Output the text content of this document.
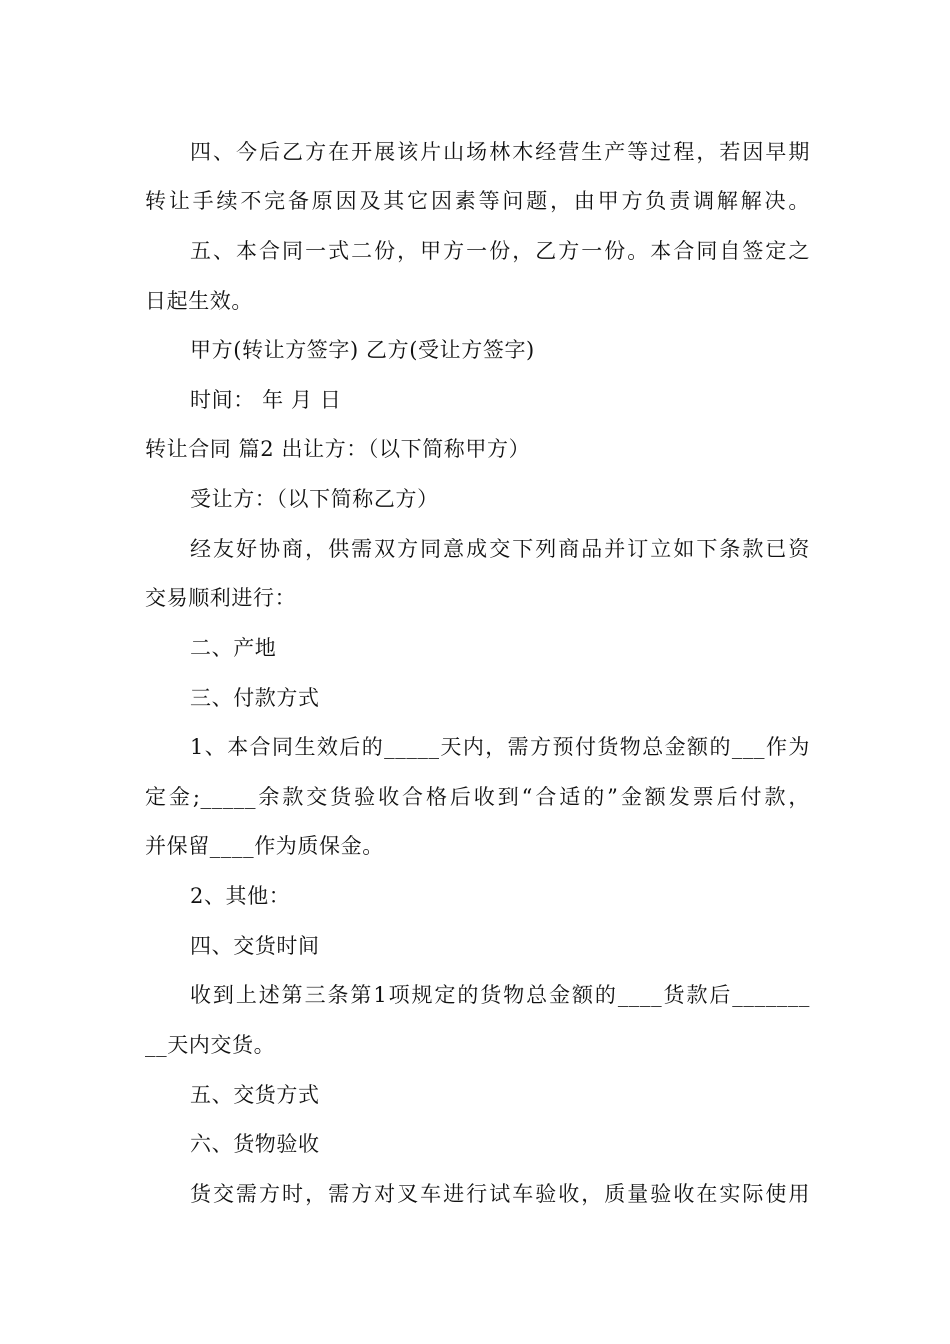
四、今后乙方在开展该片山场林木经营生产等过程，若因早期
转让手续不完备原因及其它因素等问题，由甲方负责调解解决。
五、本合同一式二份，甲方一份，乙方一份。本合同自签定之
日起生效。
甲方(转让方签字) 乙方(受让方签字)
时间： 年 月 日
转让合同 篇2 出让方：（以下简称甲方）
受让方：（以下简称乙方）
经友好协商，供需双方同意成交下列商品并订立如下条款已资
交易顺利进行：
二、产地
三、付款方式
1、本合同生效后的_____天内，需方预付货物总金额的___作为
定金;_____余款交货验收合格后收到“合适的”金额发票后付款，
并保留____作为质保金。
2、其他：
四、交货时间
收到上述第三条第1项规定的货物总金额的____货款后_______
__天内交货。
五、交货方式
六、货物验收
货交需方时，需方对叉车进行试车验收，质量验收在实际使用
